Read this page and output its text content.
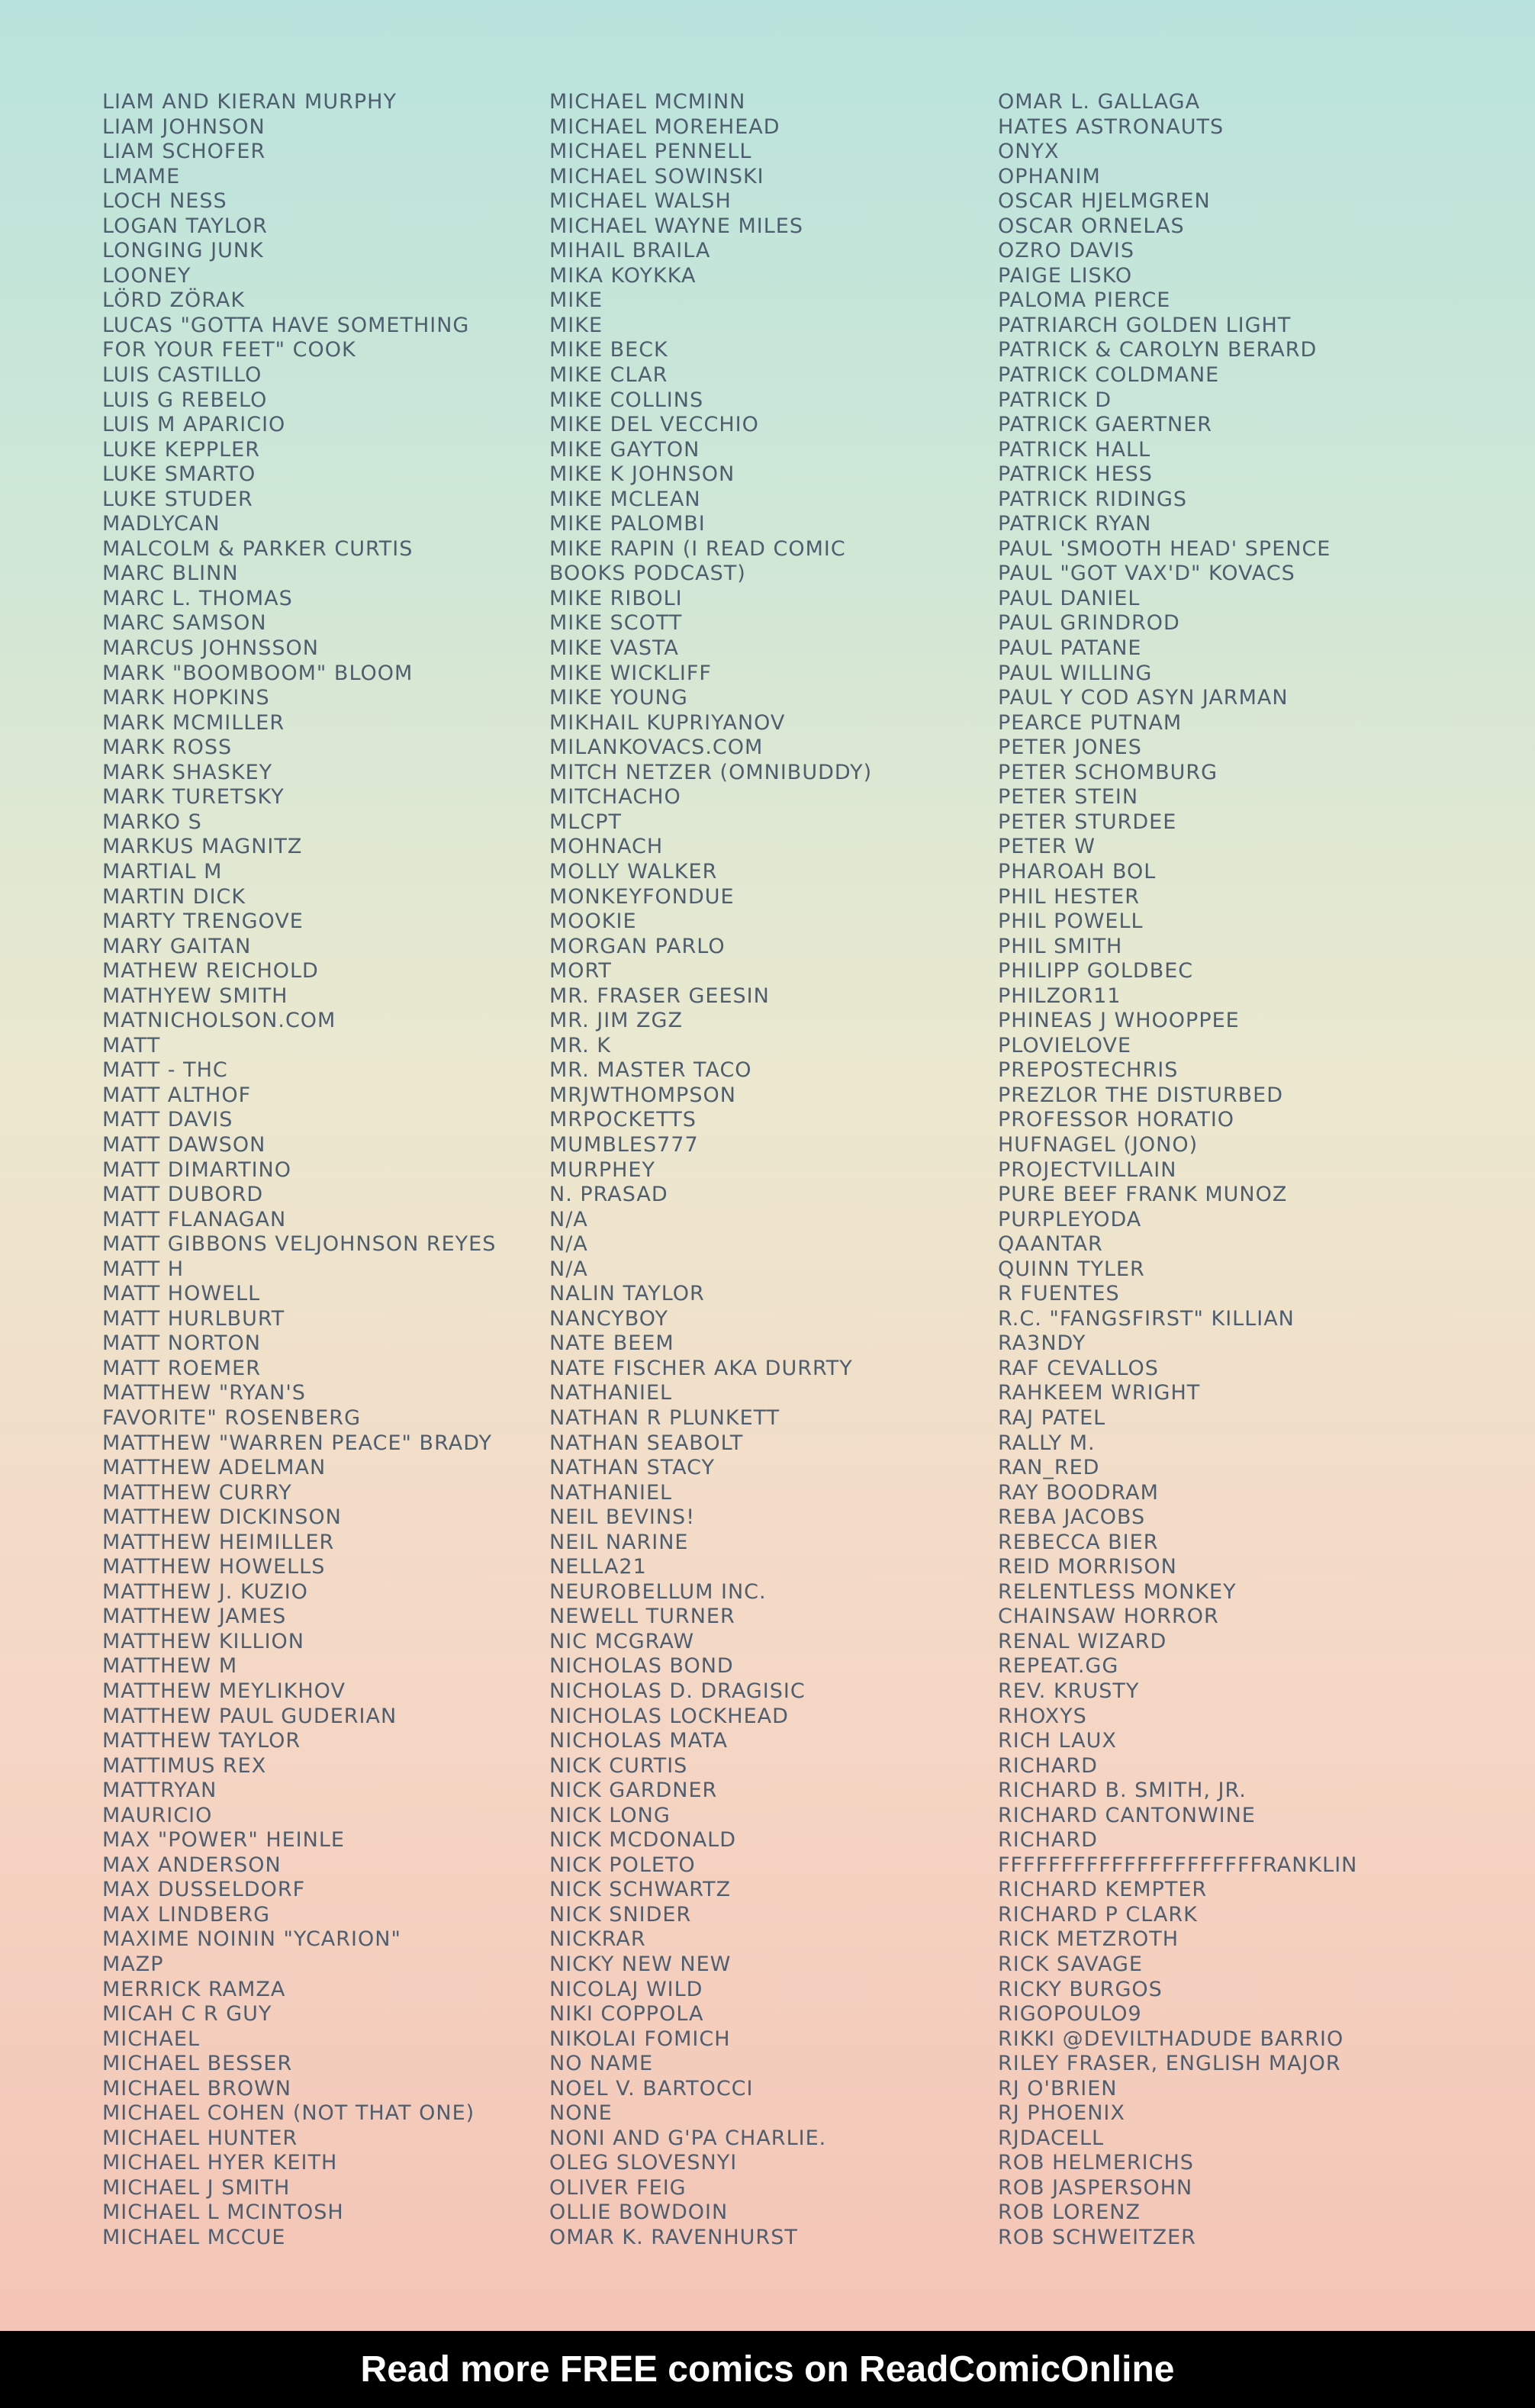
LIAM AND KIERAN MURPHY
LIAM JOHNSON
LIAM SCHOFER
LMAME
LOCH NESS
LOGAN TAYLOR
LONGING JUNK
LOONEY
LÖRD ZÖRAK
LUCAS "GOTTA HAVE SOMETHING
FOR YOUR FEET" COOK
LUIS CASTILLO
LUIS G REBELO
LUIS M APARICIO
LUKE KEPPLER
LUKE SMARTO
LUKE STUDER
MADLYCAN
MALCOLM & PARKER CURTIS
MARC BLINN
MARC L. THOMAS
MARC SAMSON
MARCUS JOHNSSON
MARK "BOOMBOOM" BLOOM
MARK HOPKINS
MARK MCMILLER
MARK ROSS
MARK SHASKEY
MARK TURETSKY
MARKO S
MARKUS MAGNITZ
MARTIAL M
MARTIN DICK
MARTY TRENGOVE
MARY GAITAN
MATHEW REICHOLD
MATHYEW SMITH
MATNICHOLSON.COM
MATT
MATT - THC
MATT ALTHOF
MATT DAVIS
MATT DAWSON
MATT DIMARTINO
MATT DUBORD
MATT FLANAGAN
MATT GIBBONS VELJOHNSON REYES
MATT H
MATT HOWELL
MATT HURLBURT
MATT NORTON
MATT ROEMER
MATTHEW "RYAN'S
FAVORITE" ROSENBERG
MATTHEW "WARREN PEACE" BRADY
MATTHEW ADELMAN
MATTHEW CURRY
MATTHEW DICKINSON
MATTHEW HEIMILLER
MATTHEW HOWELLS
MATTHEW J. KUZIO
MATTHEW JAMES
MATTHEW KILLION
MATTHEW M
MATTHEW MEYLIKHOV
MATTHEW PAUL GUDERIAN
MATTHEW TAYLOR
MATTIMUS REX
MATTRYAN
MAURICIO
MAX "POWER" HEINLE
MAX ANDERSON
MAX DUSSELDORF
MAX LINDBERG
MAXIME NOININ "YCARION"
MAZP
MERRICK RAMZA
MICAH C R GUY
MICHAEL
MICHAEL BESSER
MICHAEL BROWN
MICHAEL COHEN (NOT THAT ONE)
MICHAEL HUNTER
MICHAEL HYER KEITH
MICHAEL J SMITH
MICHAEL L MCINTOSH
MICHAEL MCCUE
MICHAEL MCMINN
MICHAEL MOREHEAD
MICHAEL PENNELL
MICHAEL SOWINSKI
MICHAEL WALSH
MICHAEL WAYNE MILES
MIHAIL BRAILA
MIKA KOYKKA
MIKE
MIKE
MIKE BECK
MIKE CLAR
MIKE COLLINS
MIKE DEL VECCHIO
MIKE GAYTON
MIKE K JOHNSON
MIKE MCLEAN
MIKE PALOMBI
MIKE RAPIN (I READ COMIC
BOOKS PODCAST)
MIKE RIBOLI
MIKE SCOTT
MIKE VASTA
MIKE WICKLIFF
MIKE YOUNG
MIKHAIL KUPRIYANOV
MILANKOVACS.COM
MITCH NETZER (OMNIBUDDY)
MITCHACHO
MLCPT
MOHNACH
MOLLY WALKER
MONKEYFONDUE
MOOKIE
MORGAN PARLO
MORT
MR. FRASER GEESIN
MR. JIM ZGZ
MR. K
MR. MASTER TACO
MRJWTHOMPSON
MRPOCKETTS
MUMBLES777
MURPHEY
N. PRASAD
N/A
N/A
N/A
NALIN TAYLOR
NANCYBOY
NATE BEEM
NATE FISCHER AKA DURRTY
NATHANIEL
NATHAN R PLUNKETT
NATHAN SEABOLT
NATHAN STACY
NATHANIEL
NEIL BEVINS!
NEIL NARINE
NELLA21
NEUROBELLUM INC.
NEWELL TURNER
NIC MCGRAW
NICHOLAS BOND
NICHOLAS D. DRAGISIC
NICHOLAS LOCKHEAD
NICHOLAS MATA
NICK CURTIS
NICK GARDNER
NICK LONG
NICK MCDONALD
NICK POLETO
NICK SCHWARTZ
NICK SNIDER
NICKRAR
NICKY NEW NEW
NICOLAJ WILD
NIKI COPPOLA
NIKOLAI FOMICH
NO NAME
NOEL V. BARTOCCI
NONE
NONI AND G'PA CHARLIE.
OLEG SLOVESNYI
OLIVER FEIG
OLLIE BOWDOIN
OMAR K. RAVENHURST
OMAR L. GALLAGA
HATES ASTRONAUTS
ONYX
OPHANIM
OSCAR HJELMGREN
OSCAR ORNELAS
OZRO DAVIS
PAIGE LISKO
PALOMA PIERCE
PATRIARCH GOLDEN LIGHT
PATRICK & CAROLYN BERARD
PATRICK COLDMANE
PATRICK D
PATRICK GAERTNER
PATRICK HALL
PATRICK HESS
PATRICK RIDINGS
PATRICK RYAN
PAUL 'SMOOTH HEAD' SPENCE
PAUL "GOT VAX'D" KOVACS
PAUL DANIEL
PAUL GRINDROD
PAUL PATANE
PAUL WILLING
PAUL Y COD ASYN JARMAN
PEARCE PUTNAM
PETER JONES
PETER SCHOMBURG
PETER STEIN
PETER STURDEE
PETER W
PHAROAH BOL
PHIL HESTER
PHIL POWELL
PHIL SMITH
PHILIPP GOLDBEC
PHILZOR11
PHINEAS J WHOOPPEE
PLOVIELOVE
PREPOSTECHRIS
PREZLOR THE DISTURBED
PROFESSOR HORATIO
HUFNAGEL (JONO)
PROJECTVILLAIN
PURE BEEF FRANK MUNOZ
PURPLEYODA
QAANTAR
QUINN TYLER
R FUENTES
R.C. "FANGSFIRST" KILLIAN
RA3NDY
RAF CEVALLOS
RAHKEEM WRIGHT
RAJ PATEL
RALLY M.
RAN_RED
RAY BOODRAM
REBA JACOBS
REBECCA BIER
REID MORRISON
RELENTLESS MONKEY
CHAINSAW HORROR
RENAL WIZARD
REPEAT.GG
REV. KRUSTY
RHOXYS
RICH LAUX
RICHARD
RICHARD B. SMITH, JR.
RICHARD CANTONWINE
RICHARD
FFFFFFFFFFFFFFFFFFFFFRANKLIN
RICHARD KEMPTER
RICHARD P CLARK
RICK METZROTH
RICK SAVAGE
RICKY BURGOS
RIGOPOULO9
RIKKI @DEVILTHADUDE BARRIO
RILEY FRASER, ENGLISH MAJOR
RJ O'BRIEN
RJ PHOENIX
RJDACELL
ROB HELMERICHS
ROB JASPERSOHN
ROB LORENZ
ROB SCHWEITZER
Read more FREE comics on ReadComicOnline
